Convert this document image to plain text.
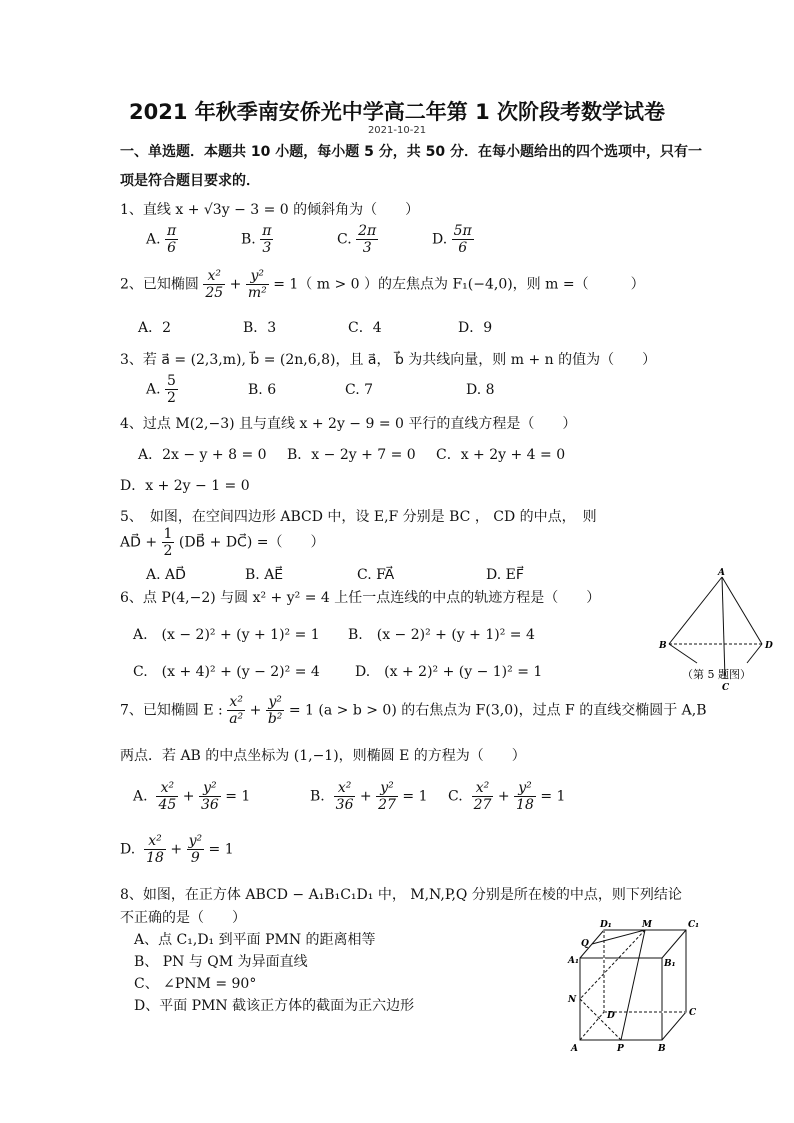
2021 年秋季南安侨光中学高二年第 1 次阶段考数学试卷
2021-10-21
一、单选题．本题共 10 小题，每小题 5 分，共 50 分．在每小题给出的四个选项中，只有一
项是符合题目要求的．
1、直线 x + √3y − 3 = 0 的倾斜角为（　　）
A. $\frac{\pi}{6}$	B. $\frac{\pi}{3}$	C. $\frac{2\pi}{3}$	D. $\frac{5\pi}{6}$
2、已知椭圆 $\frac{\text{x²}}{25} + \frac{\text{y²}}{\text{m²}} = 1$（ m > 0 ）的左焦点为 F₁(−4,0)，则 m =（　　　）
A．2	B．3	C．4	D．9
3、若 a⃗ = (2,3,m), b⃗ = (2n,6,8)，且 a⃗， b⃗ 为共线向量，则 m + n 的值为（　　）
A. $\frac{5}{2}$	B. 6	C. 7	D. 8
4、过点 M(2,−3) 且与直线 x + 2y − 9 = 0 平行的直线方程是（　　）
A．2x − y + 8 = 0 B．x − 2y + 7 = 0 C．x + 2y + 4 = 0
D．x + 2y − 1 = 0
5、　如图，在空间四边形 ABCD 中，设 E,F 分别是 BC ， CD 的中点，　则
AD⃗ + $\frac{1}{2}$ (DB⃗ + DC⃗) =（　　）
A. AD⃗	B. AE⃗	C. FA⃗	D. EF⃗
6、点 P(4,−2) 与圆 x² + y² = 4 上任一点连线的中点的轨迹方程是（　　）
A.　(x − 2)² + (y + 1)² = 1 B.　(x − 2)² + (y + 1)² = 4
C.　(x + 4)² + (y − 2)² = 4	D.　(x + 2)² + (y − 1)² = 1
A
B	D
C
（第 5 题图）
7、已知椭圆 E : $\frac{\text{x²}}{\text{a²}} + \frac{\text{y²}}{\text{b²}} = 1$ (a > b > 0) 的右焦点为 F(3,0)，过点 F 的直线交椭圆于 A,B
两点．若 AB 的中点坐标为 (1,−1)，则椭圆 E 的方程为（　　）
A. $\frac{\text{x²}}{45} + \frac{\text{y²}}{36} = 1$	B. $\frac{\text{x²}}{36} + \frac{\text{y²}}{27} = 1$ C. $\frac{\text{x²}}{27} + \frac{\text{y²}}{18} = 1$
D. $\frac{\text{x²}}{18} + \frac{\text{y²}}{9} = 1$
8、如图，在正方体 ABCD − A₁B₁C₁D₁ 中， M,N,P,Q 分别是所在棱的中点，则下列结论
不正确的是（　　）
A、点 C₁,D₁ 到平面 PMN 的距离相等
B、 PN 与 QM 为异面直线
C、 ∠PNM = 90°
D、平面 PMN 截该正方体的截面为正六边形
D₁	M	C₁
Q
A₁	B₁
N
D	C
A	P	B
